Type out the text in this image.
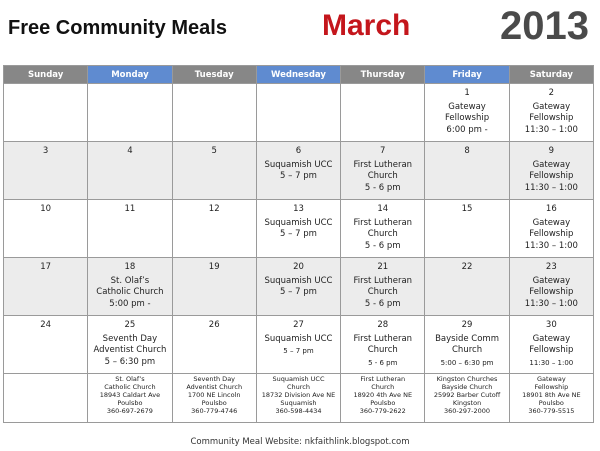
Free Community Meals	March 2013
Sunday	Monday	Tuesday	Wednesday	Thursday	Friday	Saturday

					1
Gateway
Fellowship
6:00 pm -	2
Gateway
Fellowship
11:30 – 1:00

3	4	5	6
Suquamish UCC
5 – 7 pm	7
First Lutheran
Church
5 - 6 pm	8	9
Gateway
Fellowship
11:30 – 1:00

10	11	12	13
Suquamish UCC
5 – 7 pm	14
First Lutheran
Church
5 - 6 pm	15	16
Gateway
Fellowship
11:30 – 1:00

17	18
St. Olaf’s
Catholic Church
5:00 pm -	19	20
Suquamish UCC
5 – 7 pm	21
First Lutheran
Church
5 - 6 pm	22	23
Gateway
Fellowship
11:30 – 1:00

24	25
Seventh Day
Adventist Church
5 – 6:30 pm	26	27
Suquamish UCC
5 – 7 pm	28
First Lutheran
Church
5 - 6 pm	29
Bayside Comm
Church
5:00 – 6:30 pm	30
Gateway
Fellowship
11:30 – 1:00

	St. Olaf’s
Catholic Church
18943 Caldart Ave
Poulsbo
360-697-2679	Seventh Day
Adventist Church
1700 NE Lincoln
Poulsbo
360-779-4746	Suquamish UCC
Church
18732 Division Ave NE
Suquamish
360-598-4434	First Lutheran
Church
18920 4th Ave NE
Poulsbo
360-779-2622	Kingston Churches
Bayside Church
25992 Barber Cutoff
Kingston
360-297-2000	Gateway
Fellowship
18901 8th Ave NE
Poulsbo
360-779-5515
Community Meal Website: nkfaithlink.blogspot.com
